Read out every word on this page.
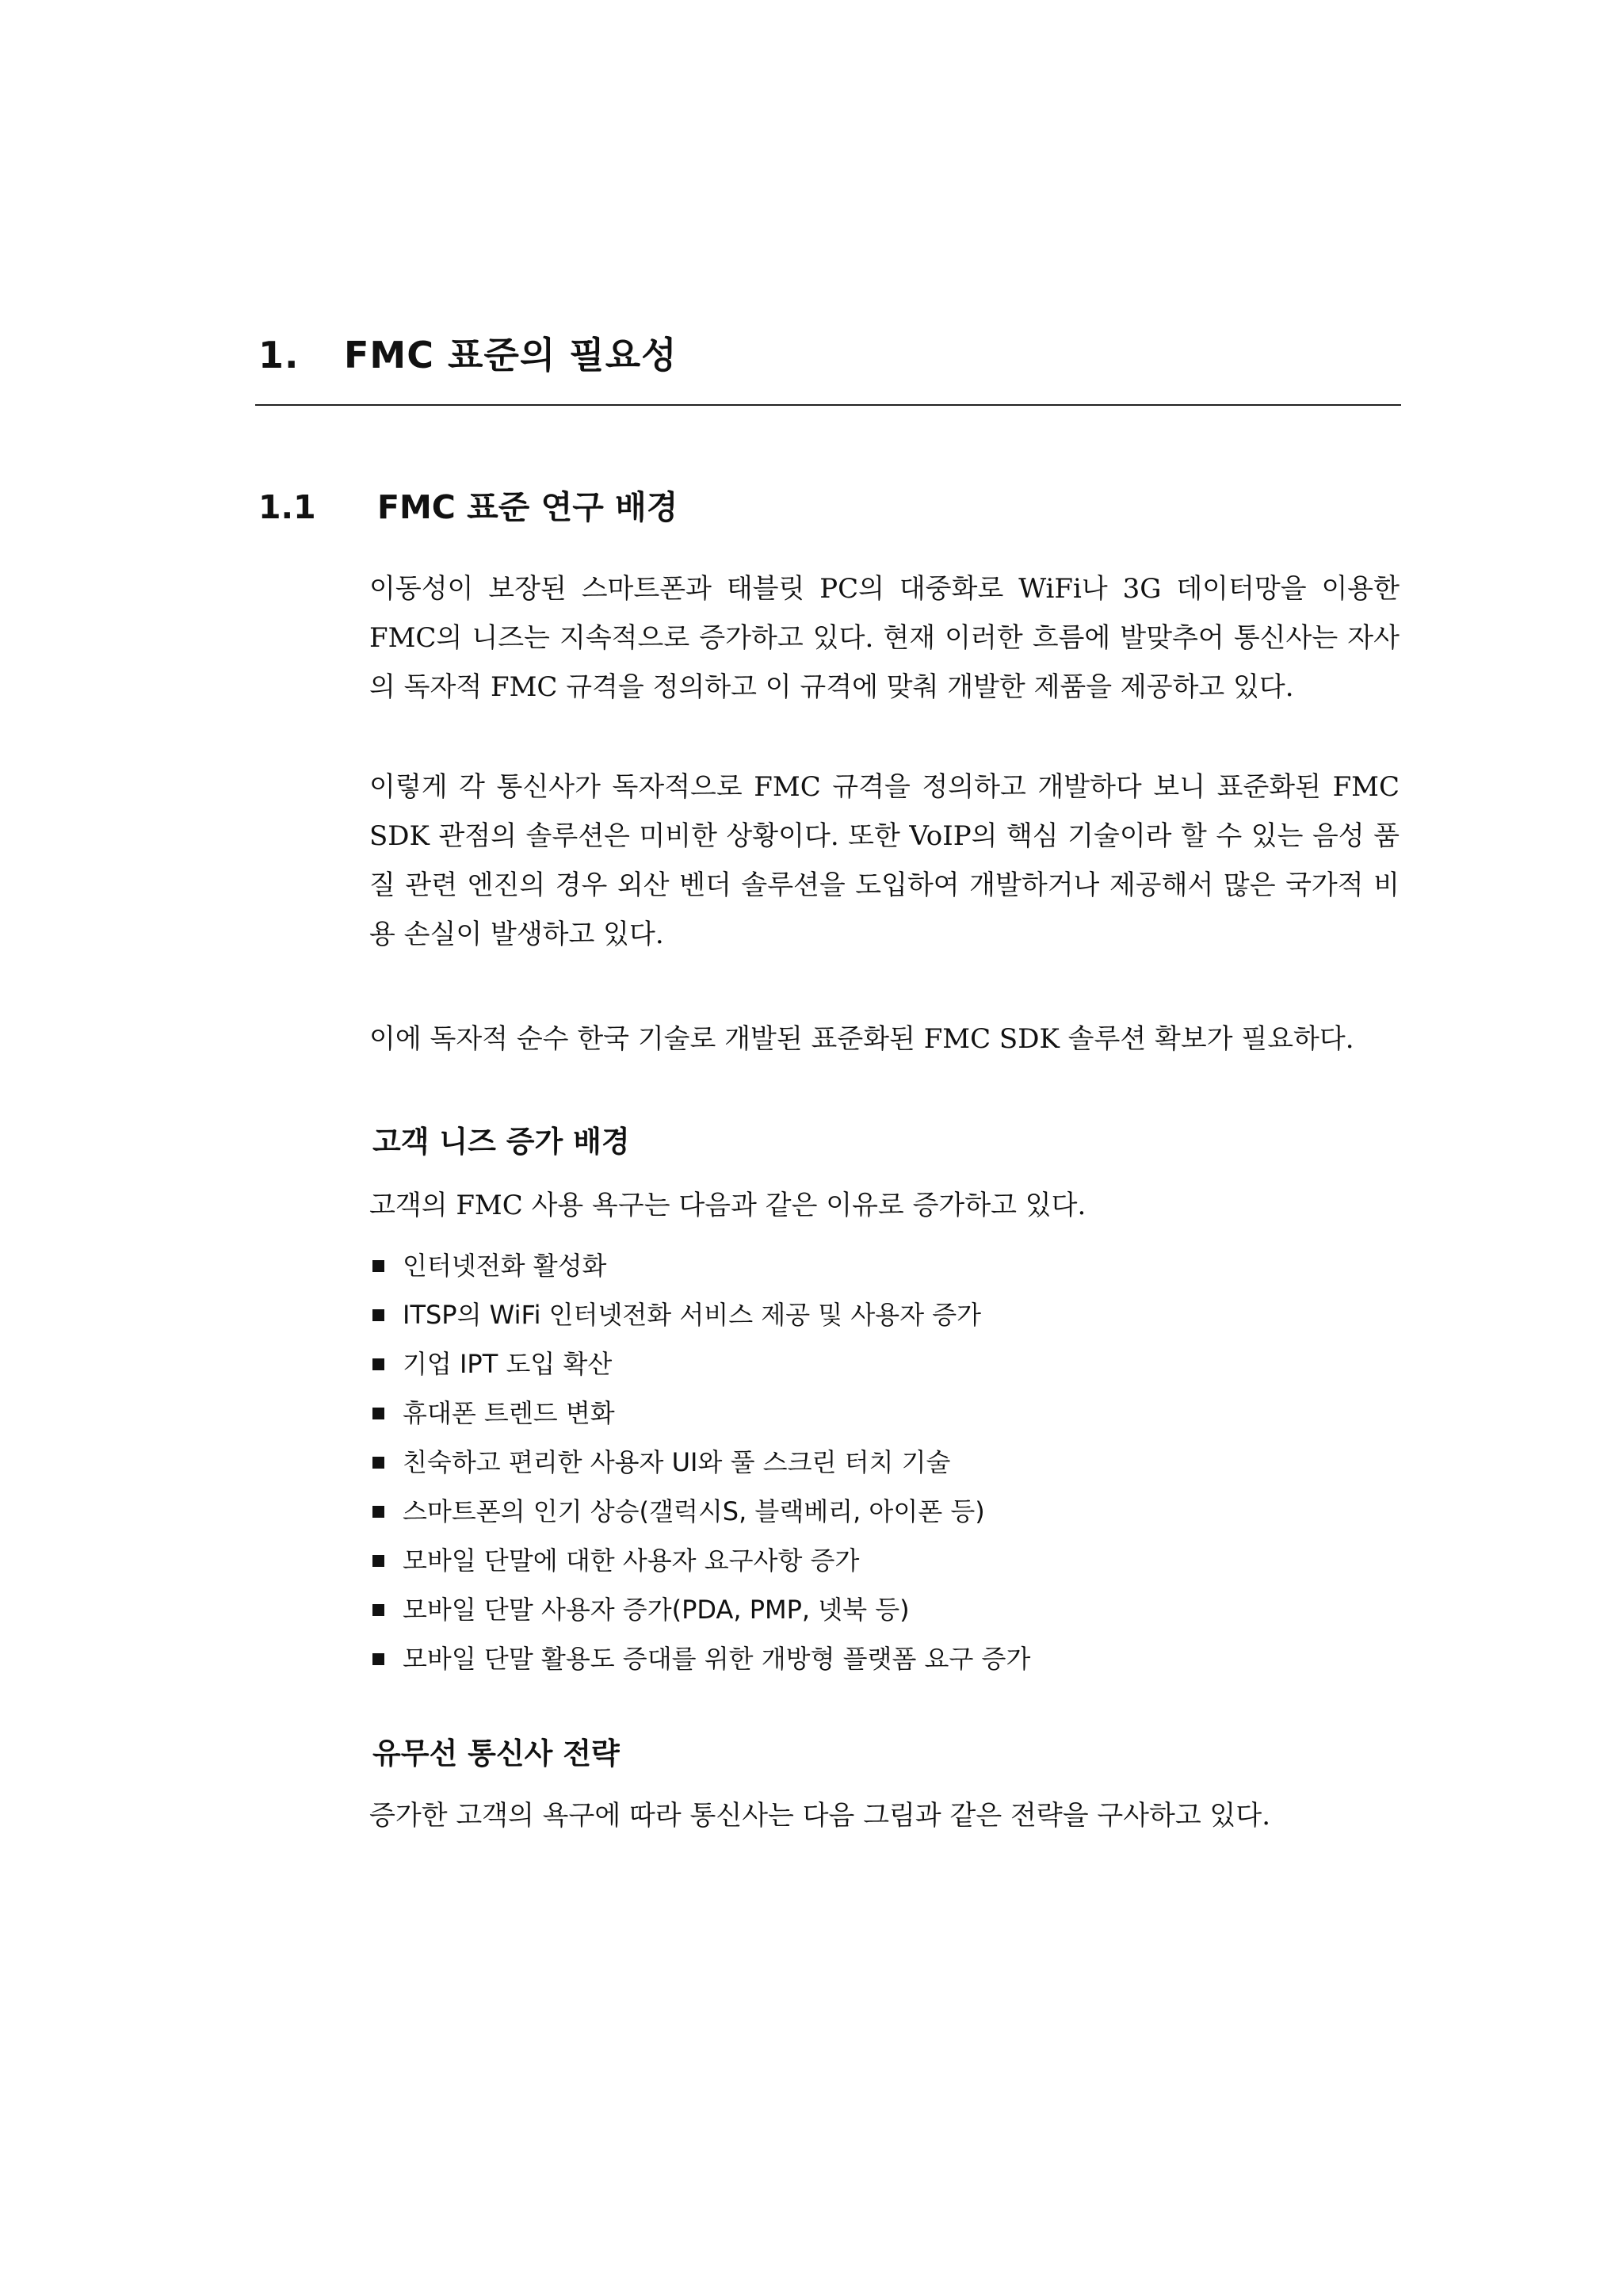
1. FMC 표준의 필요성
1.1 FMC 표준 연구 배경

이동성이 보장된 스마트폰과 태블릿 PC의 대중화로 WiFi나 3G 데이터망을 이용한 FMC의 니즈는 지속적으로 증가하고 있다. 현재 이러한 흐름에 발맞추어 통신사는 자사의 독자적 FMC 규격을 정의하고 이 규격에 맞춰 개발한 제품을 제공하고 있다.

이렇게 각 통신사가 독자적으로 FMC 규격을 정의하고 개발하다 보니 표준화된 FMC SDK 관점의 솔루션은 미비한 상황이다. 또한 VoIP의 핵심 기술이라 할 수 있는 음성 품질 관련 엔진의 경우 외산 벤더 솔루션을 도입하여 개발하거나 제공해서 많은 국가적 비용 손실이 발생하고 있다.

이에 독자적 순수 한국 기술로 개발된 표준화된 FMC SDK 솔루션 확보가 필요하다.

고객 니즈 증가 배경
고객의 FMC 사용 욕구는 다음과 같은 이유로 증가하고 있다.
인터넷전화 활성화
ITSP의 WiFi 인터넷전화 서비스 제공 및 사용자 증가
기업 IPT 도입 확산
휴대폰 트렌드 변화
친숙하고 편리한 사용자 UI와 풀 스크린 터치 기술
스마트폰의 인기 상승(갤럭시S, 블랙베리, 아이폰 등)
모바일 단말에 대한 사용자 요구사항 증가
모바일 단말 사용자 증가(PDA, PMP, 넷북 등)
모바일 단말 활용도 증대를 위한 개방형 플랫폼 요구 증가
유무선 통신사 전략
증가한 고객의 욕구에 따라 통신사는 다음 그림과 같은 전략을 구사하고 있다.
